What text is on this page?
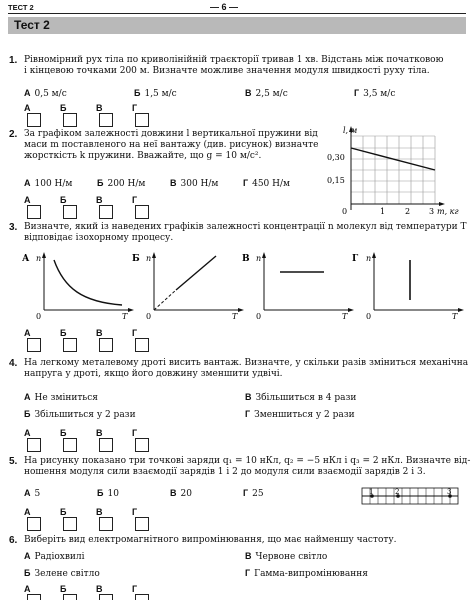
ТЕСТ 2	— 6 —
Тест 2
1. Рівномірний рух тіла по криволінійній траєкторії тривав 1 хв. Відстань між початковою
і кінцевою точками 200 м. Визначте можливе значення модуля швидкості руху тіла.
А 0,5 м/с	Б 1,5 м/с	В 2,5 м/с	Г 3,5 м/с
А	Б	В	Г
2. За графіком залежності довжини l вертикальної пружини від
маси m поставленого на неї вантажу (див. рисунок) визначте
жорсткість k пружини. Вважайте, що g = 10 м/с².
А 100 Н/м	Б 200 Н/м	В 300 Н/м	Г 450 Н/м
А	Б	В	Г
l, м
0,30
0,15
0	1 2 3 m, кг
3. Визначте, який із наведених графіків залежності концентрації n молекул від температури T
відповідає ізохорному процесу.
А n
0	T
Б n
0	T
В n
0	T
Г n
0	T
А	Б	В	Г
4. На легкому металевому дроті висить вантаж. Визначте, у скільки разів зміниться механічна
напруга у дроті, якщо його довжину зменшити удвічі.
А Не зміниться	В Збільшиться в 4 рази
Б Збільшиться у 2 рази	Г Зменшиться у 2 рази
А	Б	В	Г
5. На рисунку показано три точкові заряди q₁ = 10 нКл, q₂ = −5 нКл і q₃ = 2 нКл. Визначте від-
ношення модуля сили взаємодії зарядів 1 і 2 до модуля сили взаємодії зарядів 2 і 3.
А 5	Б 10	В 20	Г 25
А	Б	В	Г
1	2	3
6. Виберіть вид електромагнітного випромінювання, що має найменшу частоту.
А Радіохвилі	В Червоне світло
Б Зелене світло	Г Гамма-випромінювання
А	Б	В	Г
